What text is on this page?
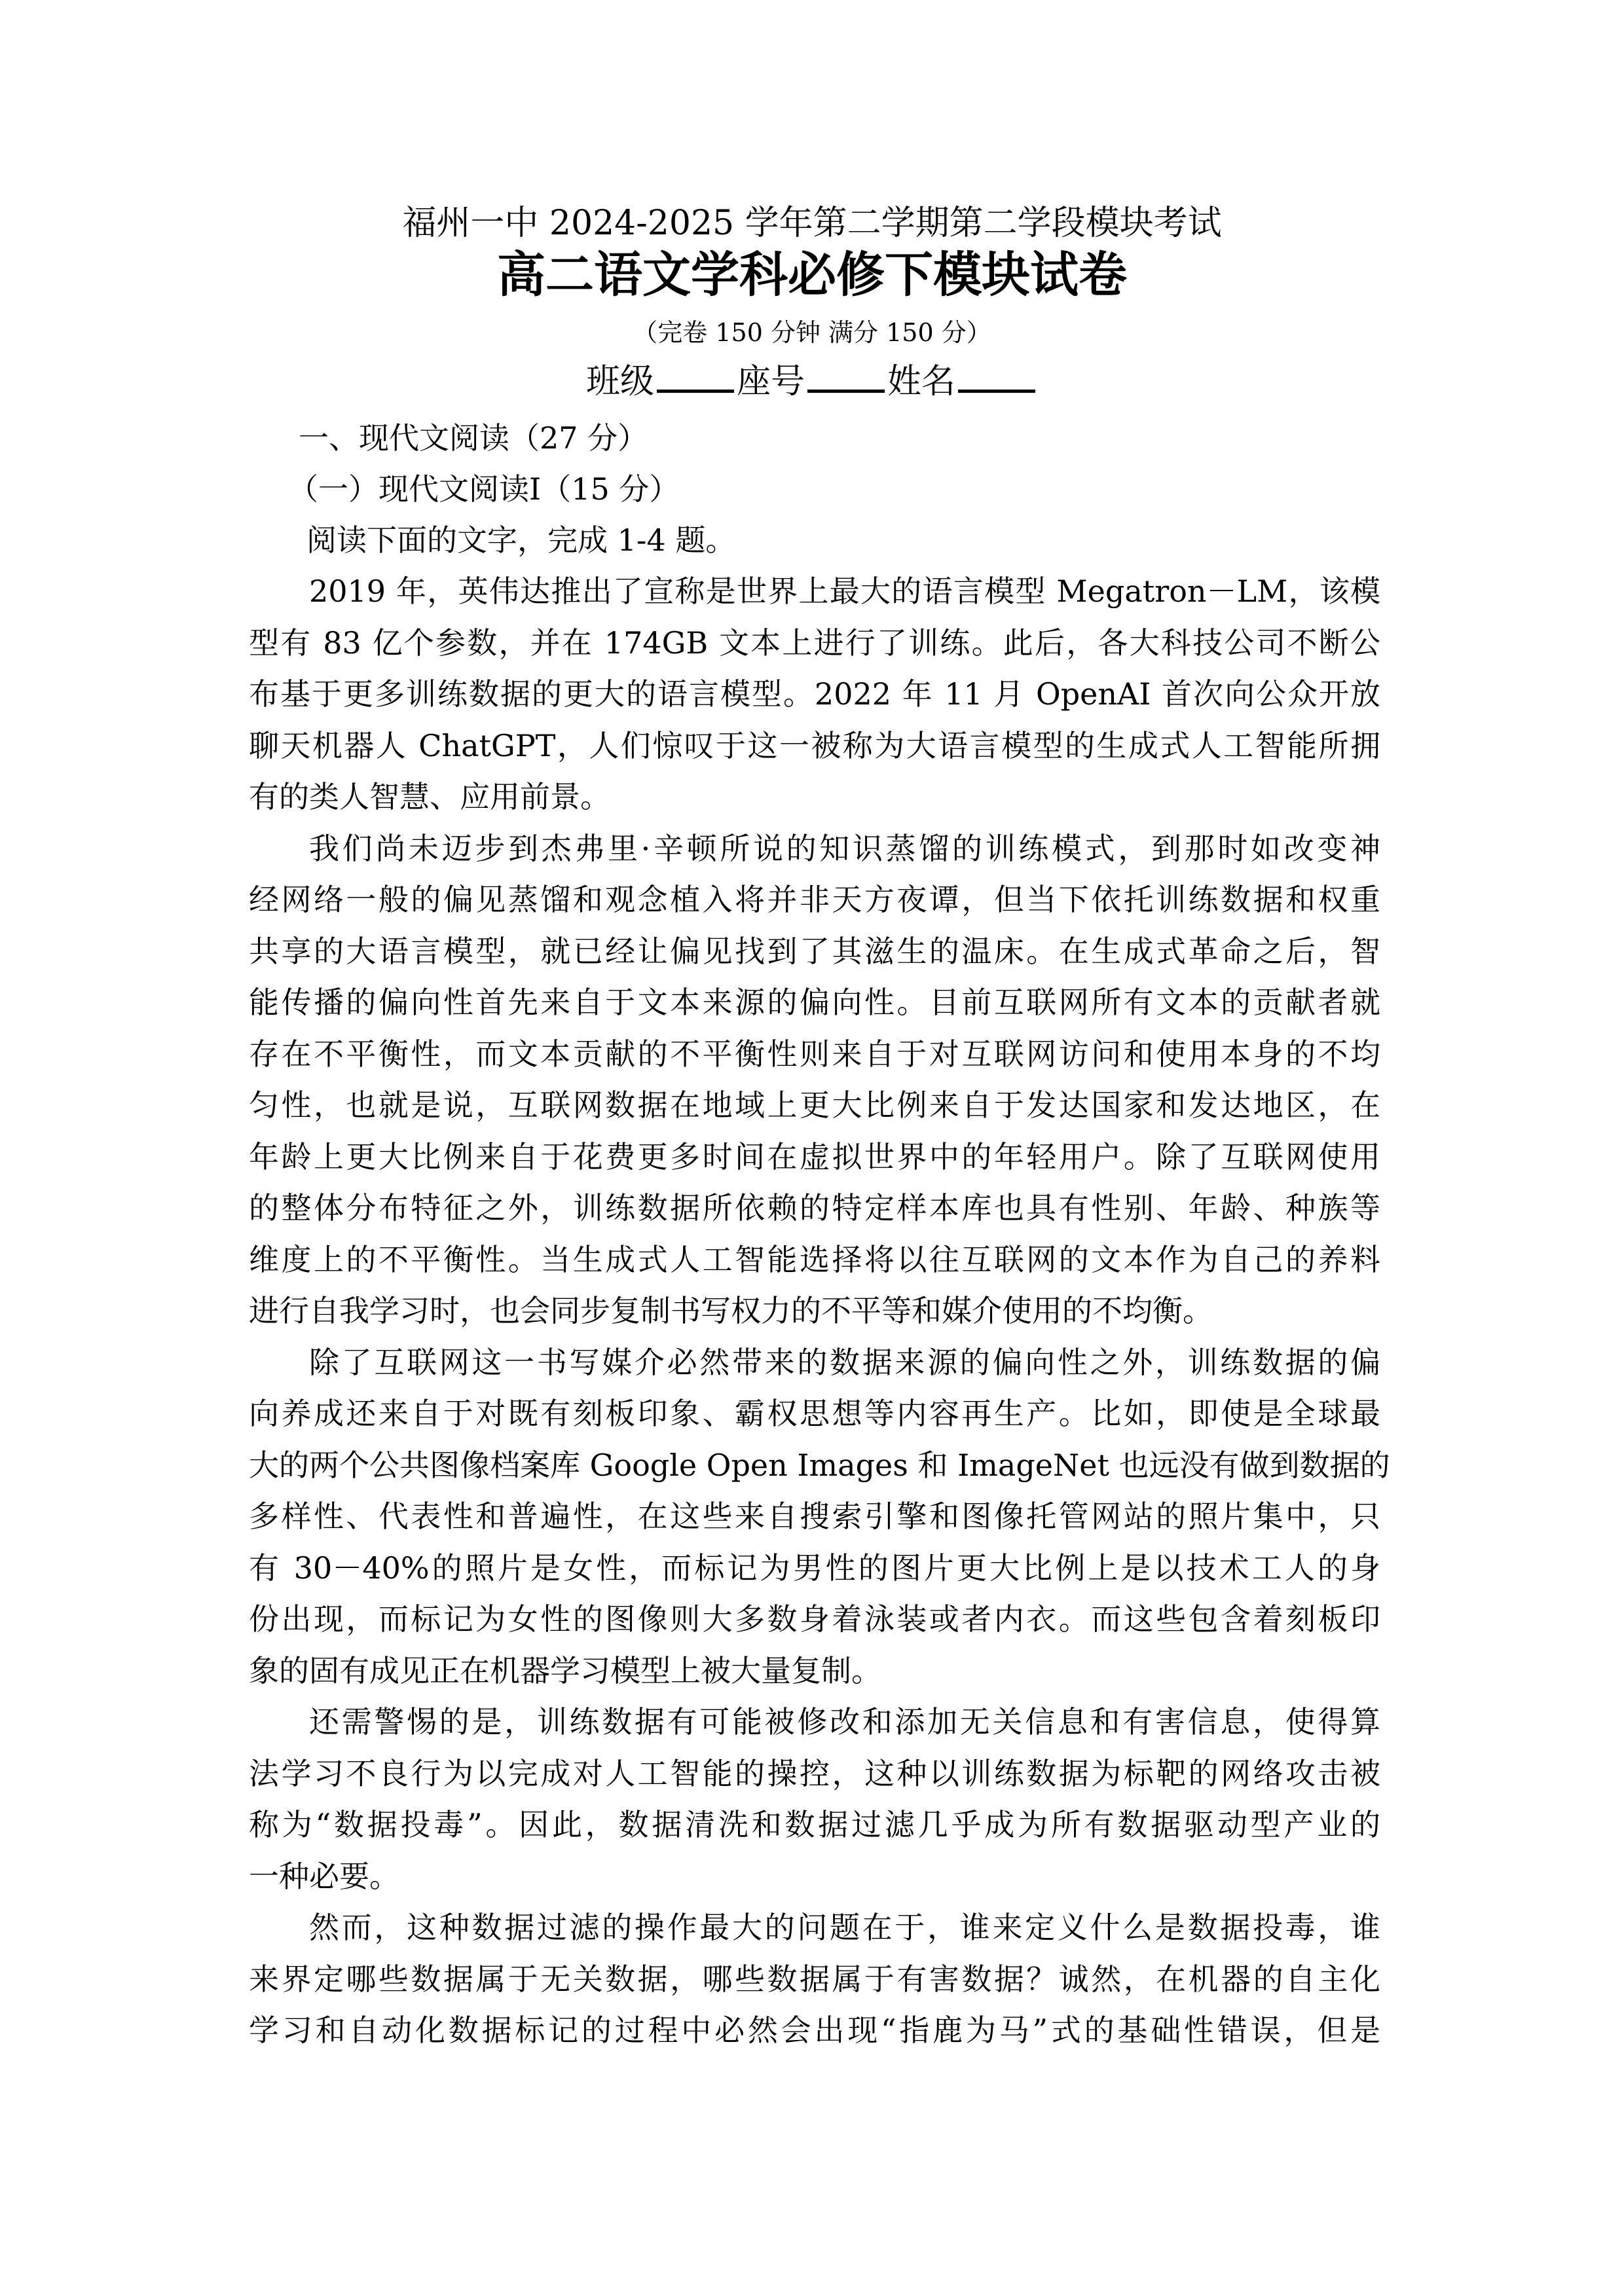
福州一中 2024-2025 学年第二学期第二学段模块考试
高二语文学科必修下模块试卷
（完卷 150 分钟 满分 150 分）
班级 座号 姓名
一、现代文阅读（27 分）
（一）现代文阅读Ⅰ（15 分）
阅读下面的文字，完成 1-4 题。
2019 年，英伟达推出了宣称是世界上最大的语言模型 Megatron－LM，该模
型有 83 亿个参数，并在 174GB 文本上进行了训练。此后，各大科技公司不断公
布基于更多训练数据的更大的语言模型。2022 年 11 月 OpenAI 首次向公众开放
聊天机器人 ChatGPT，人们惊叹于这一被称为大语言模型的生成式人工智能所拥
有的类人智慧、应用前景。
我们尚未迈步到杰弗里·辛顿所说的知识蒸馏的训练模式，到那时如改变神
经网络一般的偏见蒸馏和观念植入将并非天方夜谭，但当下依托训练数据和权重
共享的大语言模型，就已经让偏见找到了其滋生的温床。在生成式革命之后，智
能传播的偏向性首先来自于文本来源的偏向性。目前互联网所有文本的贡献者就
存在不平衡性，而文本贡献的不平衡性则来自于对互联网访问和使用本身的不均
匀性，也就是说，互联网数据在地域上更大比例来自于发达国家和发达地区，在
年龄上更大比例来自于花费更多时间在虚拟世界中的年轻用户。除了互联网使用
的整体分布特征之外，训练数据所依赖的特定样本库也具有性别、年龄、种族等
维度上的不平衡性。当生成式人工智能选择将以往互联网的文本作为自己的养料
进行自我学习时，也会同步复制书写权力的不平等和媒介使用的不均衡。
除了互联网这一书写媒介必然带来的数据来源的偏向性之外，训练数据的偏
向养成还来自于对既有刻板印象、霸权思想等内容再生产。比如，即使是全球最
大的两个公共图像档案库 Google Open Images 和 ImageNet 也远没有做到数据的
多样性、代表性和普遍性，在这些来自搜索引擎和图像托管网站的照片集中，只
有 30－40%的照片是女性，而标记为男性的图片更大比例上是以技术工人的身
份出现，而标记为女性的图像则大多数身着泳装或者内衣。而这些包含着刻板印
象的固有成见正在机器学习模型上被大量复制。
还需警惕的是，训练数据有可能被修改和添加无关信息和有害信息，使得算
法学习不良行为以完成对人工智能的操控，这种以训练数据为标靶的网络攻击被
称为“数据投毒”。因此，数据清洗和数据过滤几乎成为所有数据驱动型产业的
一种必要。
然而，这种数据过滤的操作最大的问题在于，谁来定义什么是数据投毒，谁
来界定哪些数据属于无关数据，哪些数据属于有害数据？诚然，在机器的自主化
学习和自动化数据标记的过程中必然会出现“指鹿为马”式的基础性错误，但是
